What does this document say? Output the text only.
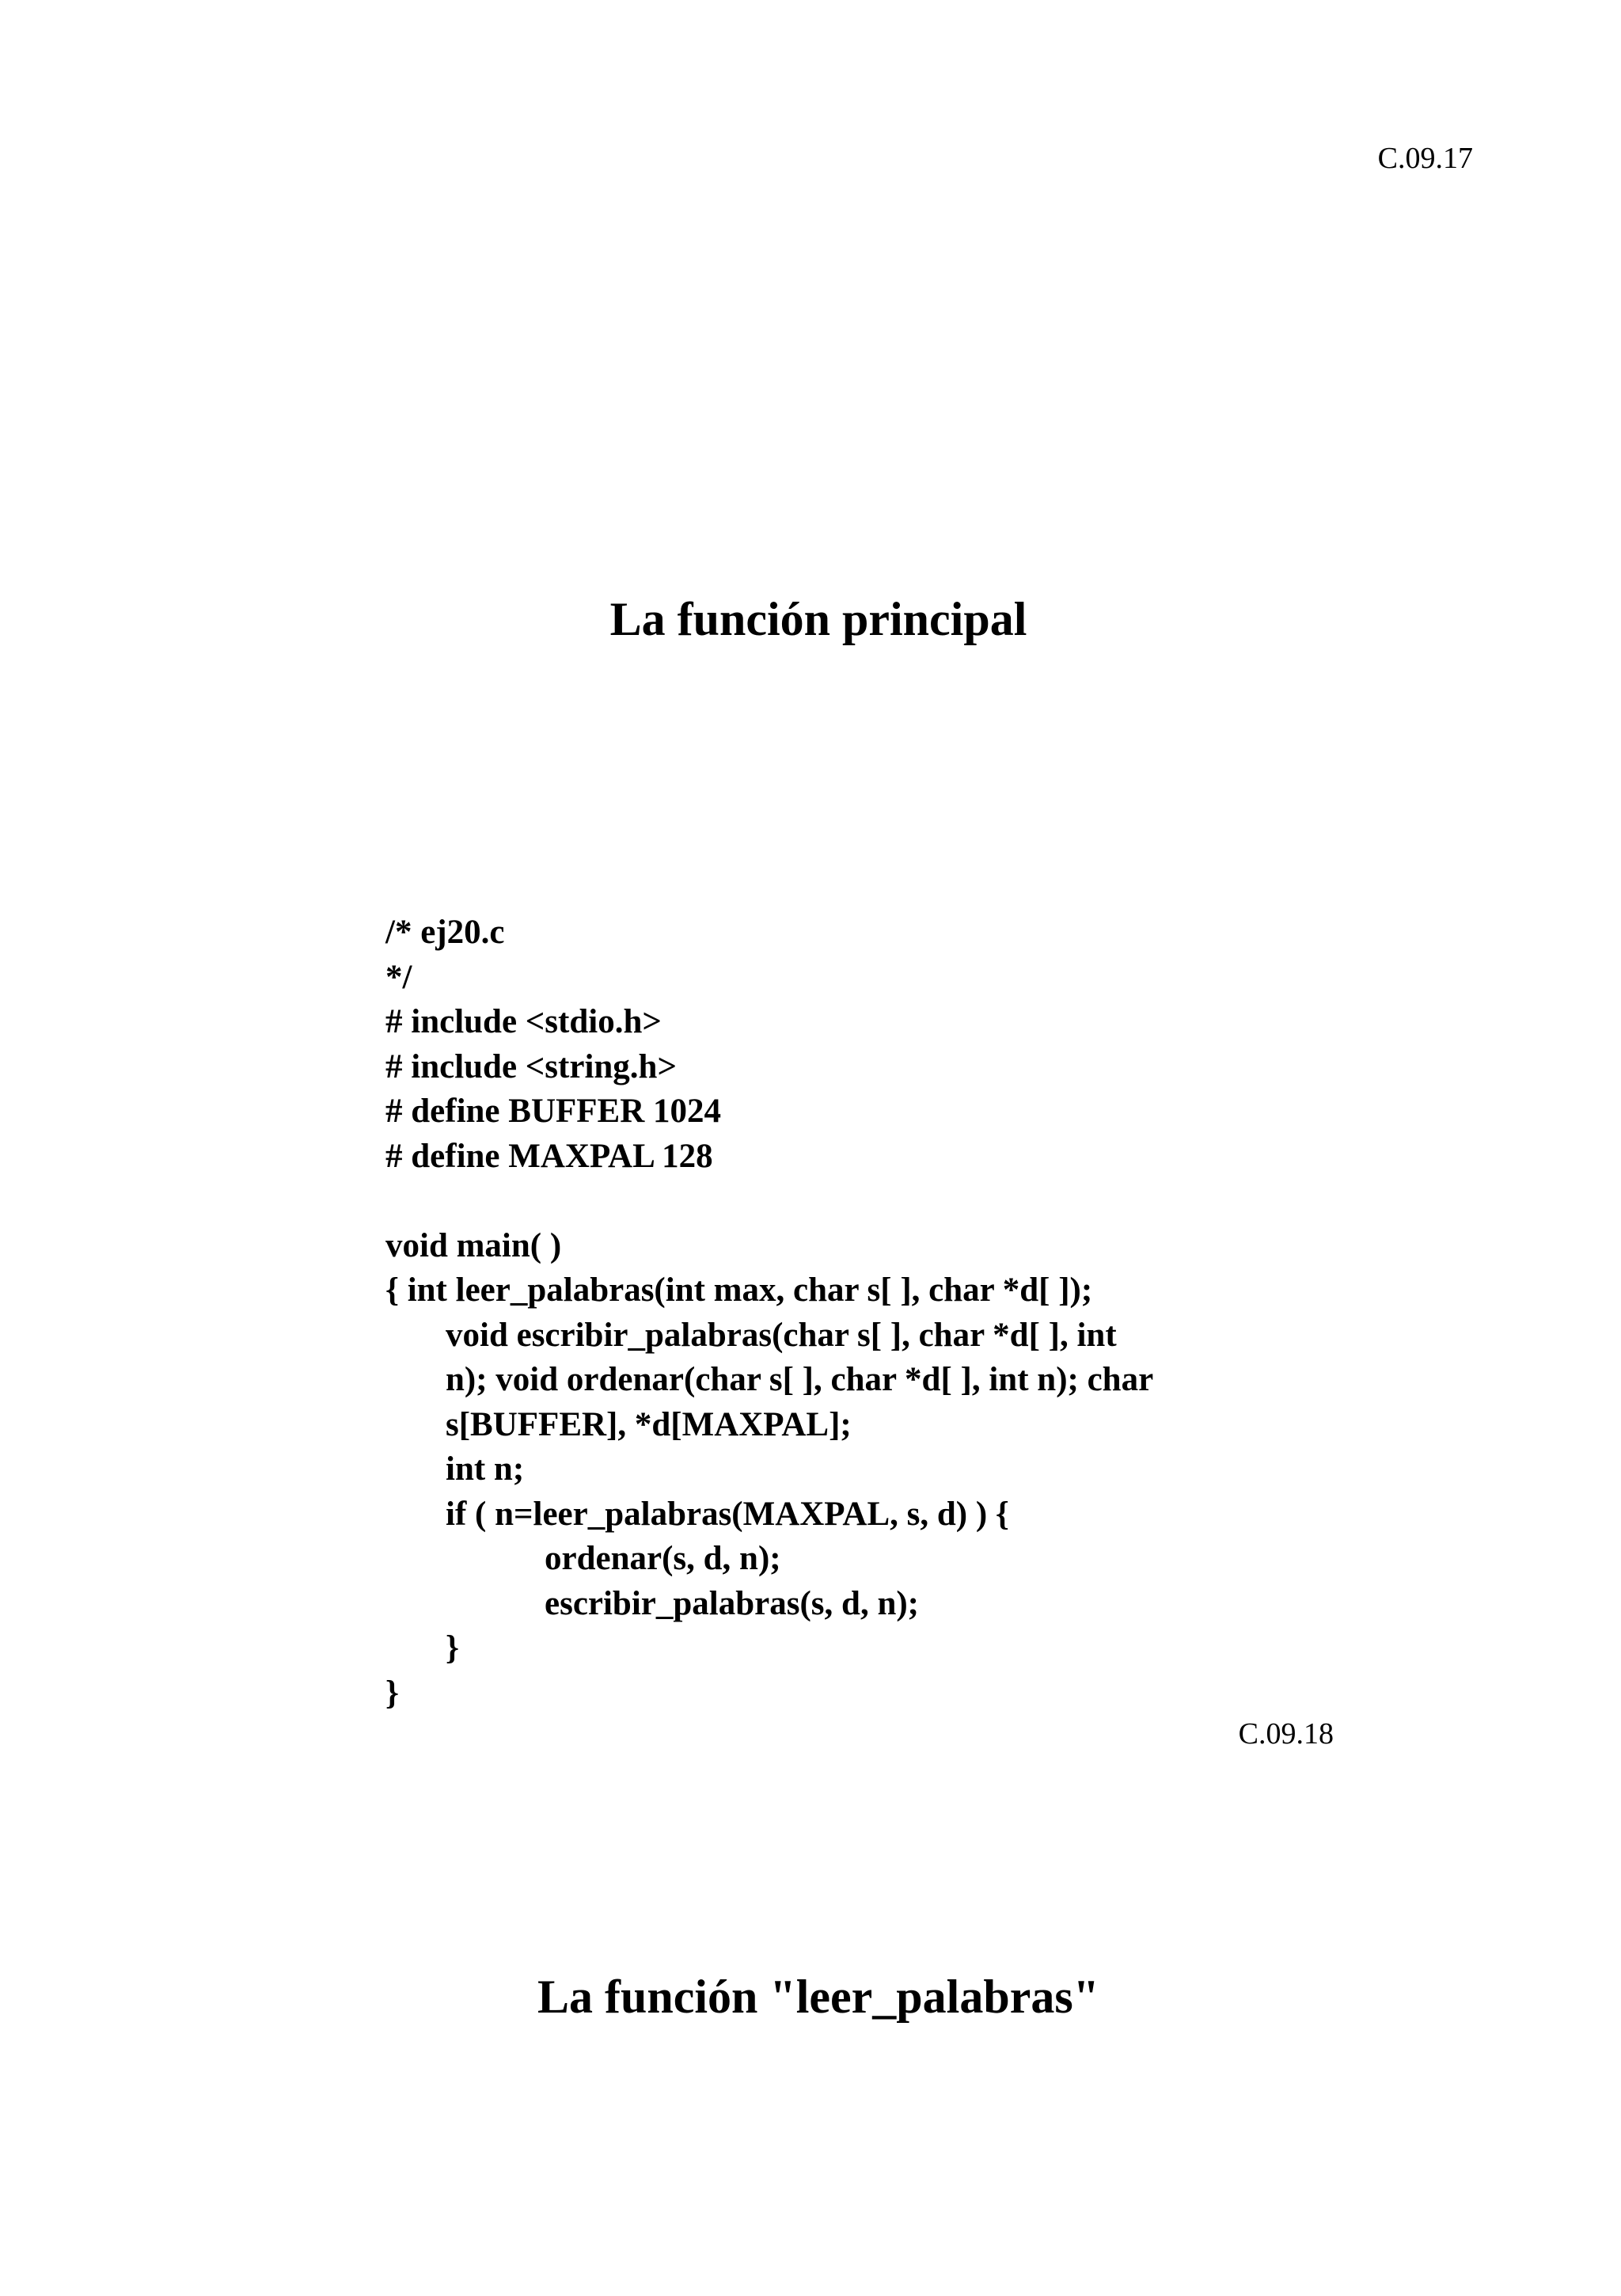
C.09.17
La función principal
/* ej20.c
*/
# include <stdio.h>
# include <string.h>
# define BUFFER 1024
# define MAXPAL 128
void main( )
{ int leer_palabras(int max, char s[ ], char *d[ ]);
void escribir_palabras(char s[ ], char *d[ ], int
n); void ordenar(char s[ ], char *d[ ], int n); char
s[BUFFER], *d[MAXPAL];
int n;
if ( n=leer_palabras(MAXPAL, s, d) ) {
ordenar(s, d, n);
escribir_palabras(s, d, n);
}
}
C.09.18
La función "leer_palabras"
